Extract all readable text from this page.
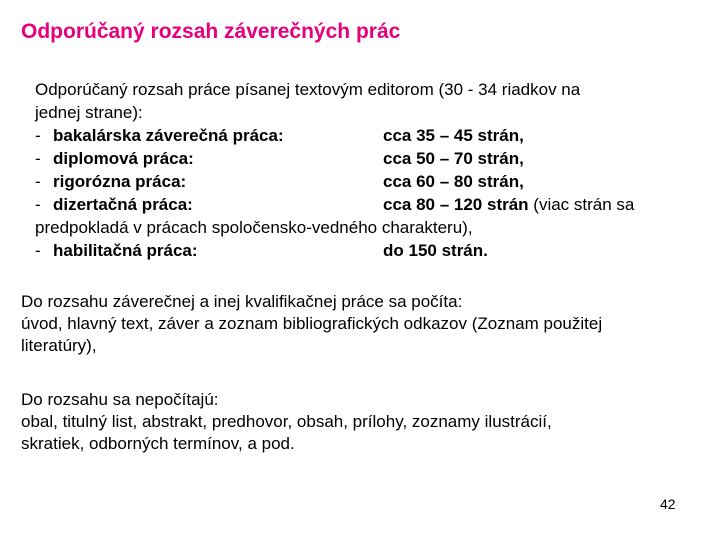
Odporúčaný rozsah záverečných prác
Odporúčaný rozsah práce písanej textovým editorom (30 - 34 riadkov na
jednej strane):
- bakalárska záverečná práca:	cca 35 – 45 strán,
- diplomová práca:	cca 50 – 70 strán,
- rigorózna práca:	cca 60 – 80 strán,
- dizertačná práca:	cca 80 – 120 strán (viac strán sa
predpokladá v prácach spoločensko-vedného charakteru),
- habilitačná práca:	do 150 strán.
Do rozsahu záverečnej a inej kvalifikačnej práce sa počíta:
úvod, hlavný text, záver a zoznam bibliografických odkazov (Zoznam použitej
literatúry),
Do rozsahu sa nepočítajú:
obal, titulný list, abstrakt, predhovor, obsah, prílohy, zoznamy ilustrácií,
skratiek, odborných termínov, a pod.
42
